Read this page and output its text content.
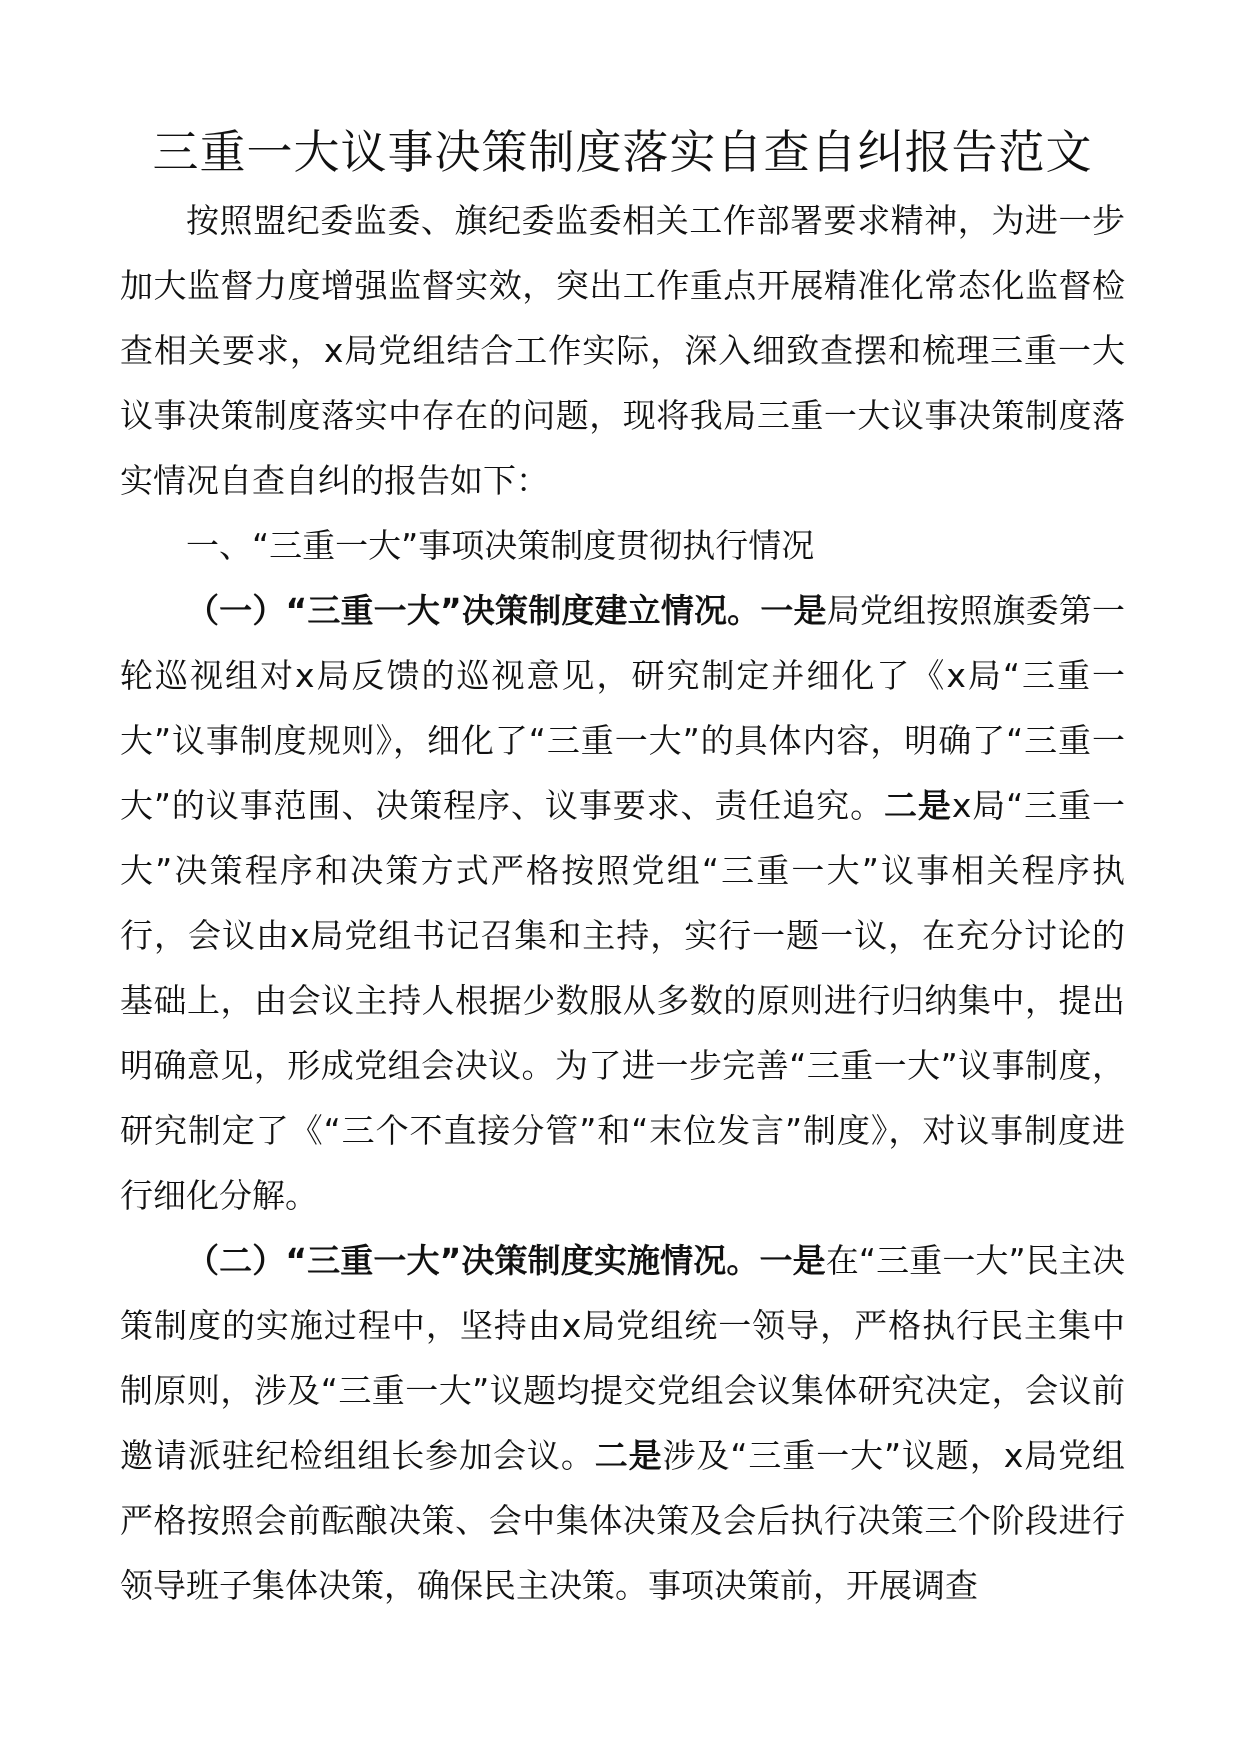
三重一大议事决策制度落实自查自纠报告范文

按照盟纪委监委、旗纪委监委相关工作部署要求精神，为进一步加大监督力度增强监督实效，突出工作重点开展精准化常态化监督检查相关要求，x局党组结合工作实际，深入细致查摆和梳理三重一大议事决策制度落实中存在的问题，现将我局三重一大议事决策制度落实情况自查自纠的报告如下：

一、“三重一大”事项决策制度贯彻执行情况

（一）“三重一大”决策制度建立情况。一是局党组按照旗委第一轮巡视组对x局反馈的巡视意见，研究制定并细化了《x局“三重一大”议事制度规则》，细化了“三重一大”的具体内容，明确了“三重一大”的议事范围、决策程序、议事要求、责任追究。二是x局“三重一大”决策程序和决策方式严格按照党组“三重一大”议事相关程序执行，会议由x局党组书记召集和主持，实行一题一议，在充分讨论的基础上，由会议主持人根据少数服从多数的原则进行归纳集中，提出明确意见，形成党组会决议。为了进一步完善“三重一大”议事制度，研究制定了《“三个不直接分管”和“末位发言”制度》，对议事制度进行细化分解。

（二）“三重一大”决策制度实施情况。一是在“三重一大”民主决策制度的实施过程中，坚持由x局党组统一领导，严格执行民主集中制原则，涉及“三重一大”议题均提交党组会议集体研究决定，会议前邀请派驻纪检组组长参加会议。二是涉及“三重一大”议题，x局党组严格按照会前酝酿决策、会中集体决策及会后执行决策三个阶段进行领导班子集体决策，确保民主决策。事项决策前，开展调查
